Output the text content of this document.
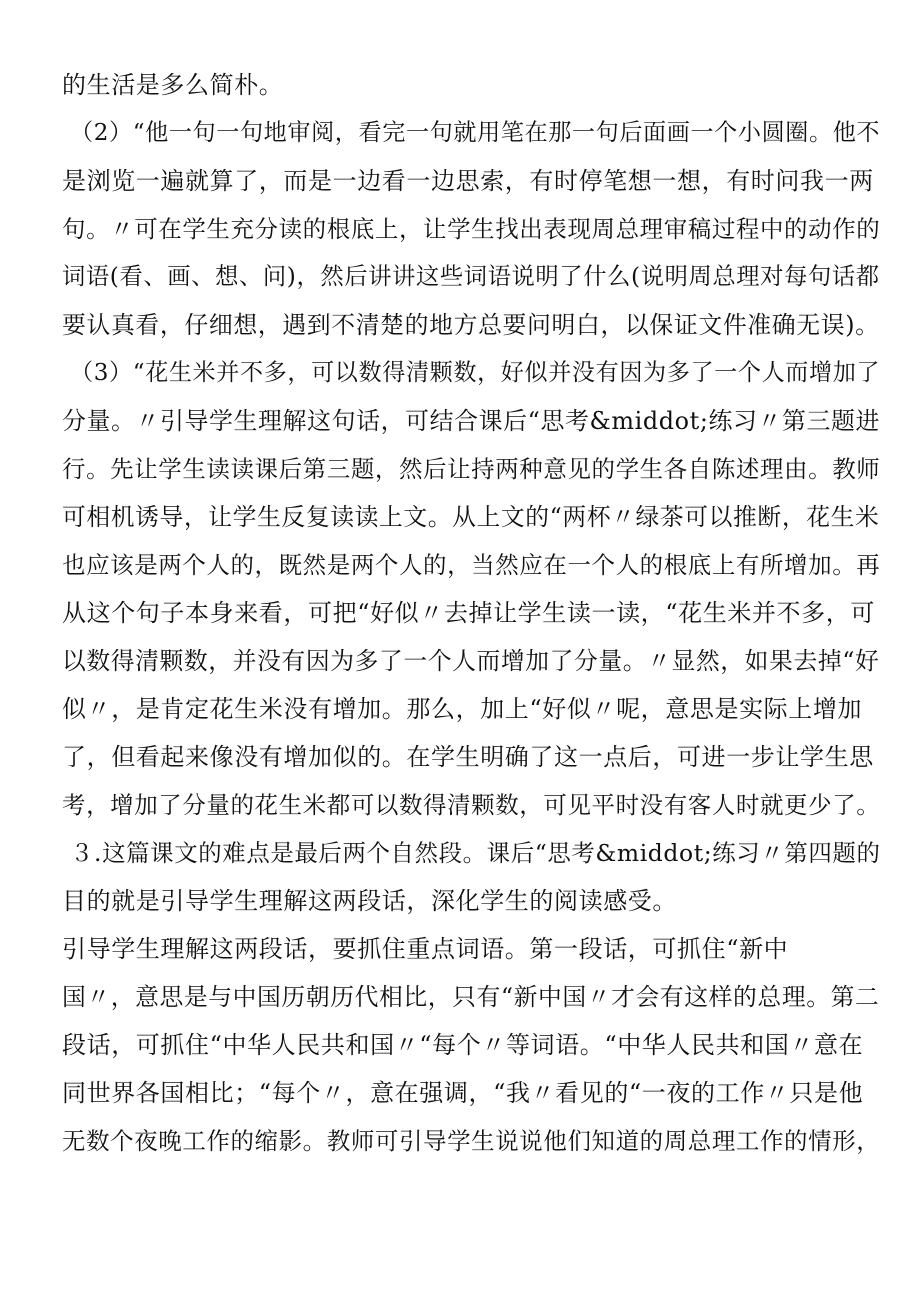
的生活是多么简朴。

（2）“他一句一句地审阅，看完一句就用笔在那一句后面画一个小圆圈。他不

是浏览一遍就算了，而是一边看一边思索，有时停笔想一想，有时问我一两

句。〃可在学生充分读的根底上，让学生找出表现周总理审稿过程中的动作的

词语(看、画、想、问)，然后讲讲这些词语说明了什么(说明周总理对每句话都

要认真看，仔细想，遇到不清楚的地方总要问明白，以保证文件准确无误)。

（3）“花生米并不多，可以数得清颗数，好似并没有因为多了一个人而增加了

分量。〃引导学生理解这句话，可结合课后“思考&middot;练习〃第三题进

行。先让学生读读课后第三题，然后让持两种意见的学生各自陈述理由。教师

可相机诱导，让学生反复读读上文。从上文的“两杯〃绿茶可以推断，花生米

也应该是两个人的，既然是两个人的，当然应在一个人的根底上有所增加。再

从这个句子本身来看，可把“好似〃去掉让学生读一读，“花生米并不多，可

以数得清颗数，并没有因为多了一个人而增加了分量。〃显然，如果去掉“好

似〃，是肯定花生米没有增加。那么，加上“好似〃呢，意思是实际上增加

了，但看起来像没有增加似的。在学生明确了这一点后，可进一步让学生思

考，增加了分量的花生米都可以数得清颗数，可见平时没有客人时就更少了。

３.这篇课文的难点是最后两个自然段。课后“思考&middot;练习〃第四题的

目的就是引导学生理解这两段话，深化学生的阅读感受。

引导学生理解这两段话，要抓住重点词语。第一段话，可抓住“新中

国〃，意思是与中国历朝历代相比，只有“新中国〃才会有这样的总理。第二

段话，可抓住“中华人民共和国〃“每个〃等词语。“中华人民共和国〃意在

同世界各国相比；“每个〃，意在强调，“我〃看见的“一夜的工作〃只是他

无数个夜晚工作的缩影。教师可引导学生说说他们知道的周总理工作的情形，
